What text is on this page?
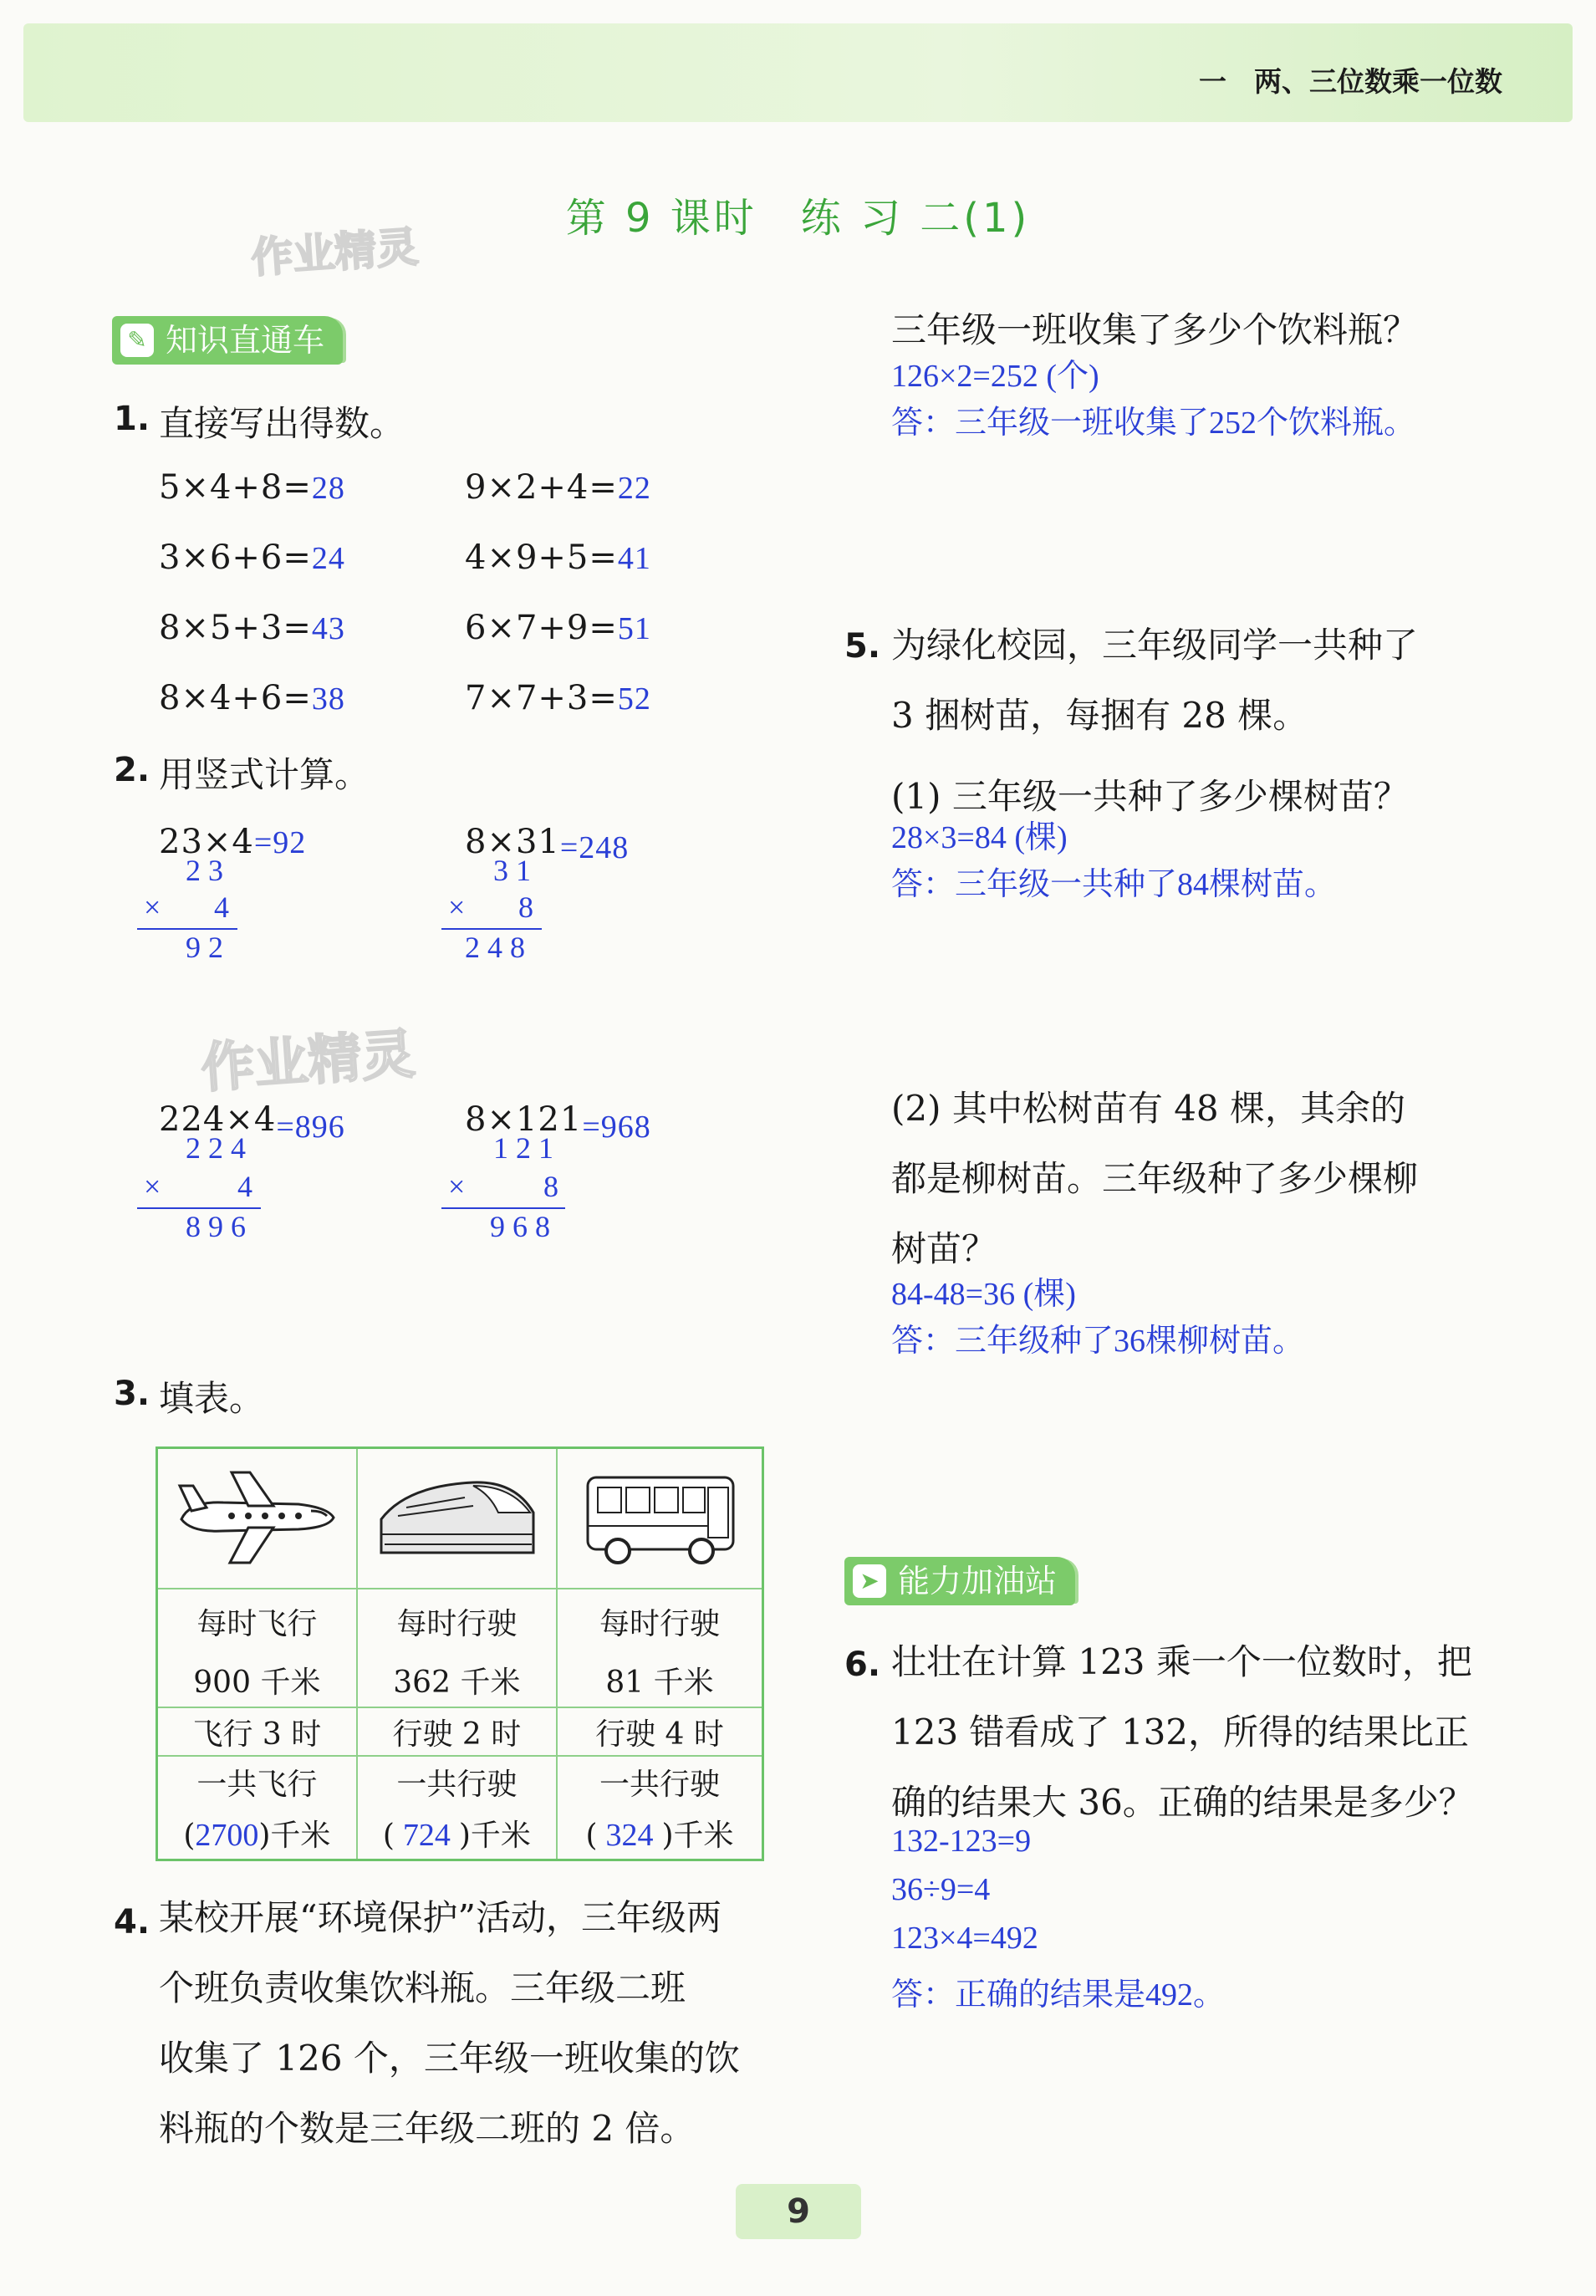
一　两、三位数乘一位数
第 9 课时　练 习 二(1)
作业精灵
✎ 知识直通车
1. 直接写出得数。
5×4+8=28	9×2+4=22
3×6+6=24	4×9+5=41
8×5+3=43	6×7+9=51
8×4+6=38	7×7+3=52
2. 用竖式计算。
23×4=92
2 3
× 4
9 2
8×31=248
3 1
× 8
2 4 8
作业精灵
224×4=896
2 2 4
×	4
8 9 6
8×121=968
1 2 1
×	8
9 6 8
3. 填表。

每时飞行	每时行驶	每时行驶
900 千米	362 千米	81 千米
飞行 3 时	行驶 2 时	行驶 4 时
一共飞行	一共行驶	一共行驶
(2700)千米	( 724 )千米	( 324 )千米
4. 某校开展“环境保护”活动，三年级两
个班负责收集饮料瓶。三年级二班
收集了 126 个，三年级一班收集的饮
料瓶的个数是三年级二班的 2 倍。
三年级一班收集了多少个饮料瓶？
126×2=252 (个)
答：三年级一班收集了252个饮料瓶。
5. 为绿化校园，三年级同学一共种了
3 捆树苗，每捆有 28 棵。
(1) 三年级一共种了多少棵树苗？
28×3=84 (棵)
答：三年级一共种了84棵树苗。
(2) 其中松树苗有 48 棵，其余的
都是柳树苗。三年级种了多少棵柳
树苗？
84-48=36 (棵)
答：三年级种了36棵柳树苗。
➤ 能力加油站
6. 壮壮在计算 123 乘一个一位数时，把
123 错看成了 132，所得的结果比正
确的结果大 36。正确的结果是多少？
132-123=9
36÷9=4
123×4=492
答：正确的结果是492。
9
